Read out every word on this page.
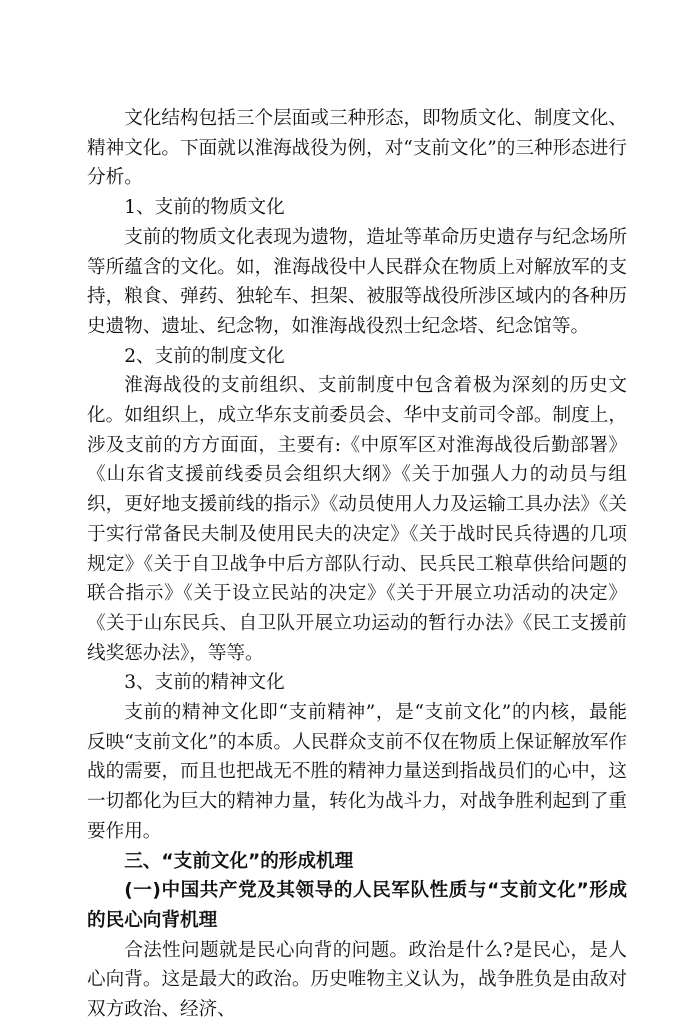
文化结构包括三个层面或三种形态，即物质文化、制度文化、精神文化。下面就以淮海战役为例，对“支前文化”的三种形态进行分析。

1、支前的物质文化

支前的物质文化表现为遗物，造址等革命历史遗存与纪念场所等所蕴含的文化。如，淮海战役中人民群众在物质上对解放军的支持，粮食、弹药、独轮车、担架、被服等战役所涉区域内的各种历史遗物、遗址、纪念物，如淮海战役烈士纪念塔、纪念馆等。

2、支前的制度文化

淮海战役的支前组织、支前制度中包含着极为深刻的历史文化。如组织上，成立华东支前委员会、华中支前司令部。制度上，涉及支前的方方面面，主要有:《中原军区对淮海战役后勤部署》《山东省支援前线委员会组织大纲》《关于加强人力的动员与组织，更好地支援前线的指示》《动员使用人力及运输工具办法》《关于实行常备民夫制及使用民夫的决定》《关于战时民兵待遇的几项规定》《关于自卫战争中后方部队行动、民兵民工粮草供给问题的联合指示》《关于设立民站的决定》《关于开展立功活动的决定》《关于山东民兵、自卫队开展立功运动的暂行办法》《民工支援前线奖惩办法》，等等。

3、支前的精神文化

支前的精神文化即“支前精神”，是“支前文化”的内核，最能反映“支前文化”的本质。人民群众支前不仅在物质上保证解放军作战的需要，而且也把战无不胜的精神力量送到指战员们的心中，这一切都化为巨大的精神力量，转化为战斗力，对战争胜利起到了重要作用。

三、“支前文化”的形成机理

(一)中国共产党及其领导的人民军队性质与“支前文化”形成的民心向背机理

合法性问题就是民心向背的问题。政治是什么?是民心，是人心向背。这是最大的政治。历史唯物主义认为，战争胜负是由敌对双方政治、经济、
